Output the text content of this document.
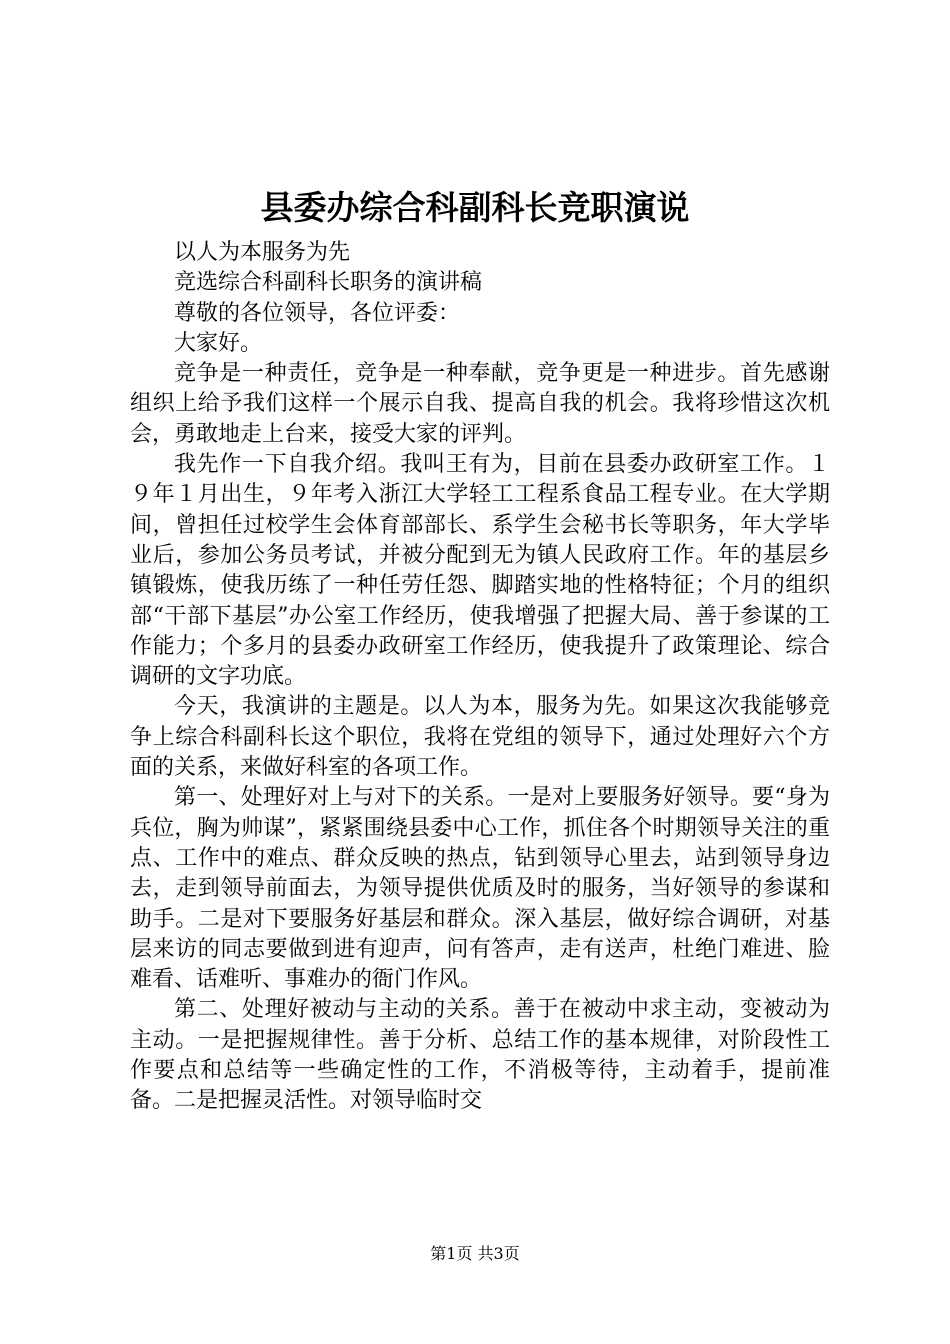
县委办综合科副科长竞职演说

以人为本服务为先

竞选综合科副科长职务的演讲稿

尊敬的各位领导，各位评委：

大家好。

竞争是一种责任，竞争是一种奉献，竞争更是一种进步。首先感谢组织上给予我们这样一个展示自我、提高自我的机会。我将珍惜这次机会，勇敢地走上台来，接受大家的评判。

我先作一下自我介绍。我叫王有为，目前在县委办政研室工作。１９年１月出生，９年考入浙江大学轻工工程系食品工程专业。在大学期间，曾担任过校学生会体育部部长、系学生会秘书长等职务，年大学毕业后，参加公务员考试，并被分配到无为镇人民政府工作。年的基层乡镇锻炼，使我历练了一种任劳任怨、脚踏实地的性格特征；个月的组织部“干部下基层”办公室工作经历，使我增强了把握大局、善于参谋的工作能力；个多月的县委办政研室工作经历，使我提升了政策理论、综合调研的文字功底。

今天，我演讲的主题是。以人为本，服务为先。如果这次我能够竞争上综合科副科长这个职位，我将在党组的领导下，通过处理好六个方面的关系，来做好科室的各项工作。

第一、处理好对上与对下的关系。一是对上要服务好领导。要“身为兵位，胸为帅谋”，紧紧围绕县委中心工作，抓住各个时期领导关注的重点、工作中的难点、群众反映的热点，钻到领导心里去，站到领导身边去，走到领导前面去，为领导提供优质及时的服务，当好领导的参谋和助手。二是对下要服务好基层和群众。深入基层，做好综合调研，对基层来访的同志要做到进有迎声，问有答声，走有送声，杜绝门难进、脸难看、话难听、事难办的衙门作风。

第二、处理好被动与主动的关系。善于在被动中求主动，变被动为主动。一是把握规律性。善于分析、总结工作的基本规律，对阶段性工作要点和总结等一些确定性的工作，不消极等待，主动着手，提前准备。二是把握灵活性。对领导临时交

第1页 共3页
